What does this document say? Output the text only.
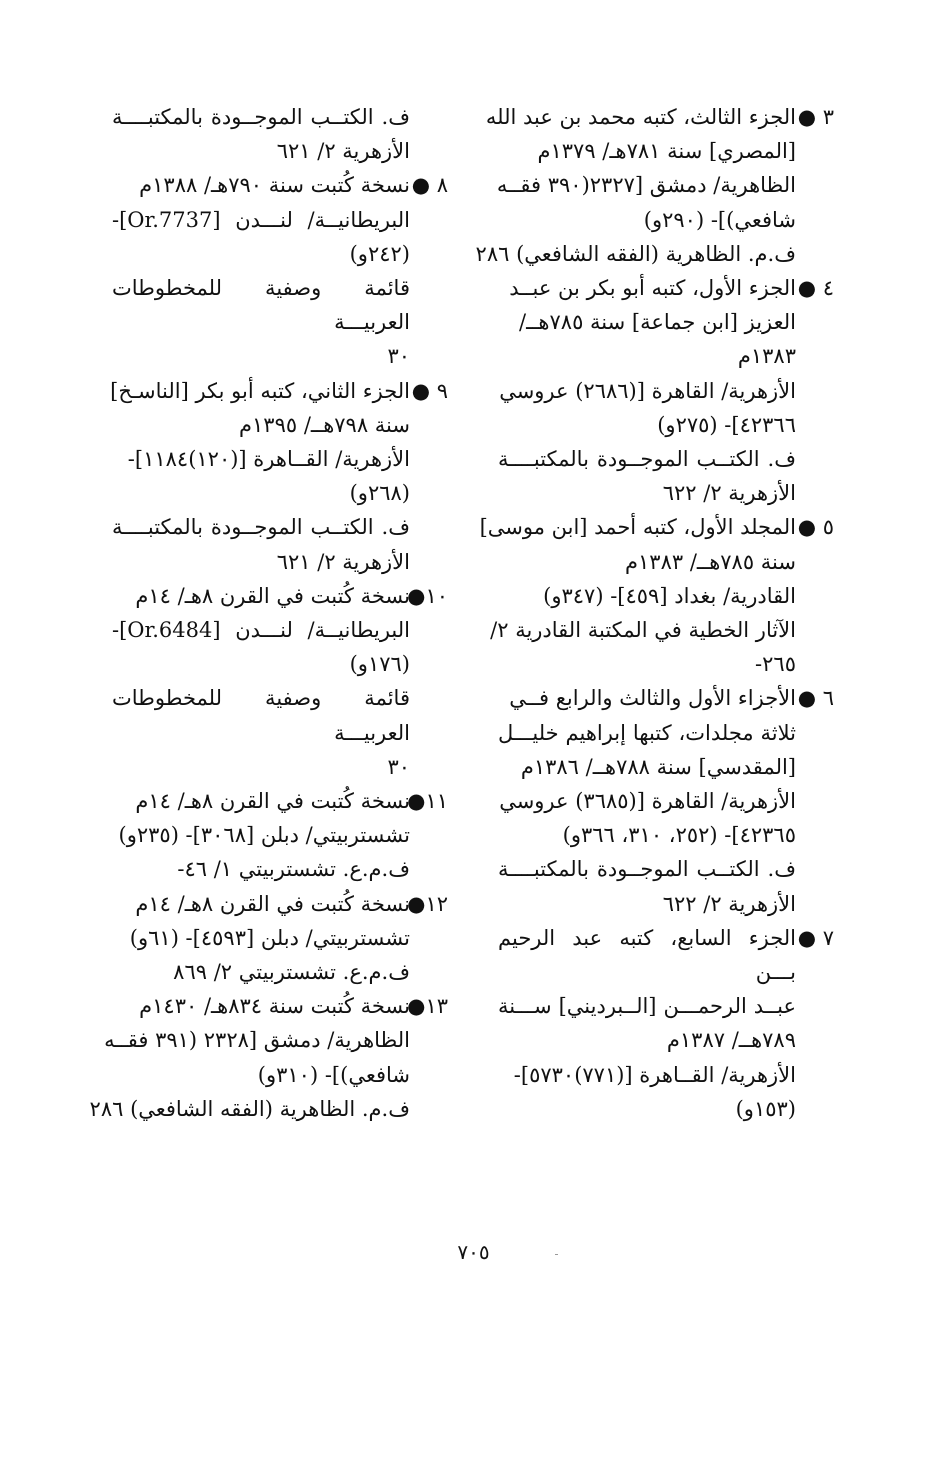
٣ ●
الجزء الثالث، كتبه محمد بن عبد الله
[المصري] سنة ٧٨١هـ/ ١٣٧٩م
الظاهرية/ دمشق [٢٣٢٧(٣٩٠ فقــه
شافعي)]- (٢٩٠و)
ف.م. الظاهرية (الفقه الشافعي) ٢٨٦
٤ ●
الجزء الأول، كتبه أبو بكر بن عبــد
العزيز [ابن جماعة] سنة ٧٨٥هــ/
١٣٨٣م
الأزهرية/ القاهرة [(٢٦٨٦) عروسي
٤٢٣٦٦]- (٢٧٥و)
ف. الكتــب الموجــودة بالمكتبــــة
الأزهرية ٢/ ٦٢٢
٥ ●
المجلد الأول، كتبه أحمد [ابن موسى]
سنة ٧٨٥هــ/ ١٣٨٣م
القادرية/ بغداد [٤٥٩]- (٣٤٧و)
الآثار الخطية في المكتبة القادرية ٢/
٢٦٥-
٦ ●
الأجزاء الأول والثالث والرابع فــي
ثلاثة مجلدات، كتبها إبراهيم خليـــل
[المقدسي] سنة ٧٨٨هــ/ ١٣٨٦م
الأزهرية/ القاهرة [(٣٦٨٥) عروسي
٤٢٣٦٥]- (٢٥٢، ٣١٠، ٣٦٦و)
ف. الكتــب الموجــودة بالمكتبــــة
الأزهرية ٢/ ٦٢٢
٧ ●
الجزء السابع، كتبه عبد الرحيم بـــن
عبــد الرحمـــن [الــبرديني] ســـنة
٧٨٩هــ/ ١٣٨٧م
الأزهرية/ القــاهرة [(٧٧١)٥٧٣٠]-
(١٥٣و)
ف. الكتــب الموجــودة بالمكتبــــة
الأزهرية ٢/ ٦٢١
٨ ●
نسخة كُتبت سنة ٧٩٠هـ/ ١٣٨٨م
البريطانيــة/ لنـــدن [Or.7737]-
(٢٤٢و)
قائمة وصفية للمخطوطات العربيـــة
٣٠
٩ ●
الجزء الثاني، كتبه أبو بكر [الناسـخ]
سنة ٧٩٨هــ/ ١٣٩٥م
الأزهرية/ القــاهرة [(١٢٠)١١٨٤]-
(٢٦٨و)
ف. الكتــب الموجــودة بالمكتبــــة
الأزهرية ٢/ ٦٢١
١٠●
نسخة كُتبت في القرن ٨هـ/ ١٤م
البريطانيــة/ لنـــدن [Or.6484]-
(١٧٦و)
قائمة وصفية للمخطوطات العربيـــة
٣٠
١١●
نسخة كُتبت في القرن ٨هـ/ ١٤م
تشستربيتي/ دبلن [٣٠٦٨]- (٢٣٥و)
ف.م.ع. تشستربيتي ١/ ٤٦-
١٢●
نسخة كُتبت في القرن ٨هـ/ ١٤م
تشستربيتي/ دبلن [٤٥٩٣]- (٦١و)
ف.م.ع. تشستربيتي ٢/ ٨٦٩
١٣●
نسخة كُتبت سنة ٨٣٤هـ/ ١٤٣٠م
الظاهرية/ دمشق [٢٣٢٨ (٣٩١ فقــه
شافعي)]- (٣١٠و)
ف.م. الظاهرية (الفقه الشافعي) ٢٨٦
٧٠٥
